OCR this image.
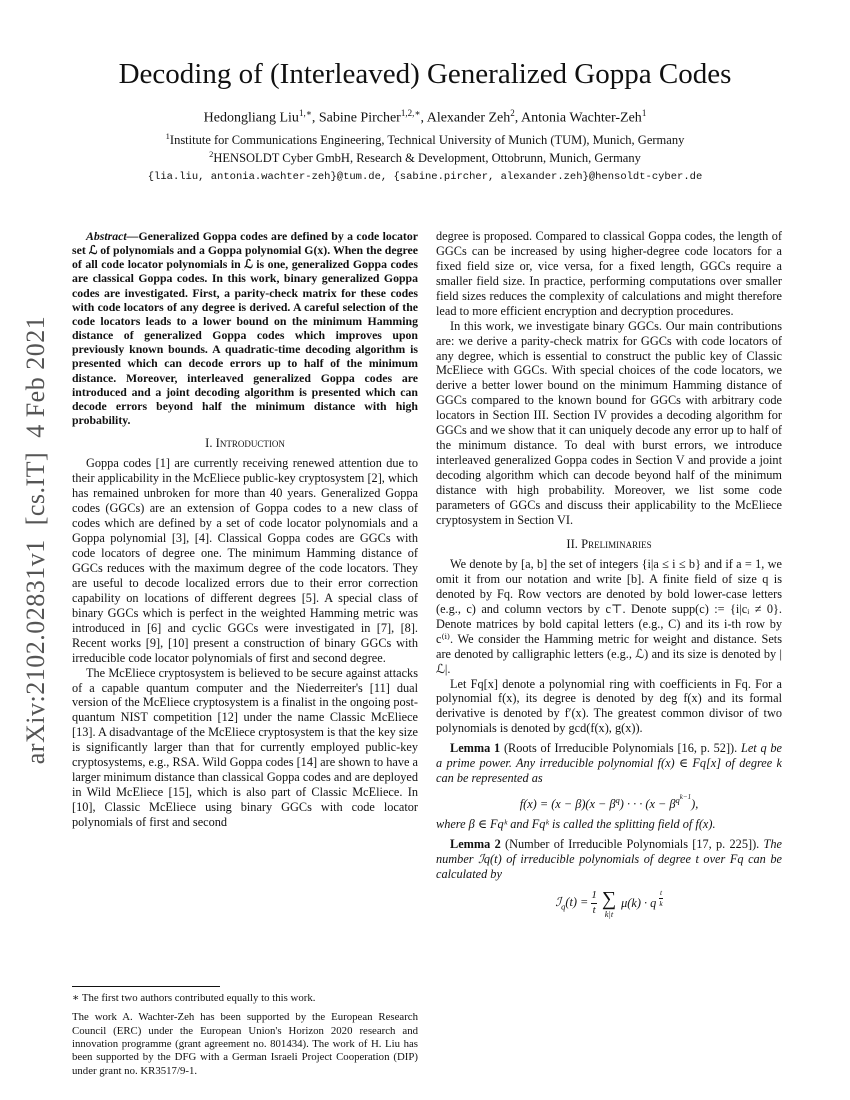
arXiv:2102.02831v1  [cs.IT]  4 Feb 2021
Decoding of (Interleaved) Generalized Goppa Codes
Hedongliang Liu$^{1,∗}$, Sabine Pircher$^{1,2,∗}$, Alexander Zeh$^2$, Antonia Wachter-Zeh$^1$
$^1$Institute for Communications Engineering, Technical University of Munich (TUM), Munich, Germany
$^2$HENSOLDT Cyber GmbH, Research & Development, Ottobrunn, Munich, Germany
{lia.liu, antonia.wachter-zeh}@tum.de, {sabine.pircher, alexander.zeh}@hensoldt-cyber.de
Abstract—Generalized Goppa codes are defined by a code locator set ℒ of polynomials and a Goppa polynomial G(x). When the degree of all code locator polynomials in ℒ is one, generalized Goppa codes are classical Goppa codes. In this work, binary generalized Goppa codes are investigated. First, a parity-check matrix for these codes with code locators of any degree is derived. A careful selection of the code locators leads to a lower bound on the minimum Hamming distance of generalized Goppa codes which improves upon previously known bounds. A quadratic-time decoding algorithm is presented which can decode errors up to half of the minimum distance. Moreover, interleaved generalized Goppa codes are introduced and a joint decoding algorithm is presented which can decode errors beyond half the minimum distance with high probability.
I. Introduction
Goppa codes [1] are currently receiving renewed attention due to their applicability in the McEliece public-key cryptosystem [2], which has remained unbroken for more than 40 years. Generalized Goppa codes (GGCs) are an extension of Goppa codes to a new class of codes which are defined by a set of code locator polynomials and a Goppa polynomial [3], [4]. Classical Goppa codes are GGCs with code locators of degree one. The minimum Hamming distance of GGCs reduces with the maximum degree of the code locators. They are useful to decode localized errors due to their error correction capability on locations of different degrees [5]. A special class of binary GGCs which is perfect in the weighted Hamming metric was introduced in [6] and cyclic GGCs were investigated in [7], [8]. Recent works [9], [10] present a construction of binary GGCs with irreducible code locator polynomials of first and second degree.
The McEliece cryptosystem is believed to be secure against attacks of a capable quantum computer and the Niederreiter's [11] dual version of the McEliece cryptosystem is a finalist in the ongoing post-quantum NIST competition [12] under the name Classic McEliece [13]. A disadvantage of the McEliece cryptosystem is that the key size is significantly larger than that for currently employed public-key cryptosystems, e.g., RSA. Wild Goppa codes [14] are shown to have a larger minimum distance than classical Goppa codes and are deployed in Wild McEliece [15], which is also part of Classic McEliece. In [10], Classic McEliece using binary GGCs with code locator polynomials of first and second
∗ The first two authors contributed equally to this work.
The work A. Wachter-Zeh has been supported by the European Research Council (ERC) under the European Union's Horizon 2020 research and innovation programme (grant agreement no. 801434). The work of H. Liu has been supported by the DFG with a German Israeli Project Cooperation (DIP) under grant no. KR3517/9-1.
degree is proposed. Compared to classical Goppa codes, the length of GGCs can be increased by using higher-degree code locators for a fixed field size or, vice versa, for a fixed length, GGCs require a smaller field size. In practice, performing computations over smaller field sizes reduces the complexity of calculations and might therefore lead to more efficient encryption and decryption procedures.
In this work, we investigate binary GGCs. Our main contributions are: we derive a parity-check matrix for GGCs with code locators of any degree, which is essential to construct the public key of Classic McEliece with GGCs. With special choices of the code locators, we derive a better lower bound on the minimum Hamming distance of GGCs compared to the known bound for GGCs with arbitrary code locators in Section III. Section IV provides a decoding algorithm for GGCs and we show that it can uniquely decode any error up to half of the minimum distance. To deal with burst errors, we introduce interleaved generalized Goppa codes in Section V and provide a joint decoding algorithm which can decode beyond half of the minimum distance with high probability. Moreover, we list some code parameters of GGCs and discuss their applicability to the McEliece cryptosystem in Section VI.
II. Preliminaries
We denote by [a, b] the set of integers {i|a ≤ i ≤ b} and if a = 1, we omit it from our notation and write [b]. A finite field of size q is denoted by Fq. Row vectors are denoted by bold lower-case letters (e.g., c) and column vectors by c⊤. Denote supp(c) := {i|cᵢ ≠ 0}. Denote matrices by bold capital letters (e.g., C) and its i-th row by c⁽ⁱ⁾. We consider the Hamming metric for weight and distance. Sets are denoted by calligraphic letters (e.g., ℒ) and its size is denoted by |ℒ|.
Let Fq[x] denote a polynomial ring with coefficients in Fq. For a polynomial f(x), its degree is denoted by deg f(x) and its formal derivative is denoted by f′(x). The greatest common divisor of two polynomials is denoted by gcd(f(x), g(x)).
Lemma 1 (Roots of Irreducible Polynomials [16, p. 52]). Let q be a prime power. Any irreducible polynomial f(x) ∈ Fq[x] of degree k can be represented as
$f(x) = (x - \beta)(x - \beta^q)$ · · · $(x - \beta^{q^{k-1}})$,
where β ∈ Fqᵏ and Fqᵏ is called the splitting field of f(x).
Lemma 2 (Number of Irreducible Polynomials [17, p. 225]). The number ℐq(t) of irreducible polynomials of degree t over Fq can be calculated by
ℐ$_q$(t) = $\frac{1}{t}$ ∑
k|t
μ(k) · q
t
k
